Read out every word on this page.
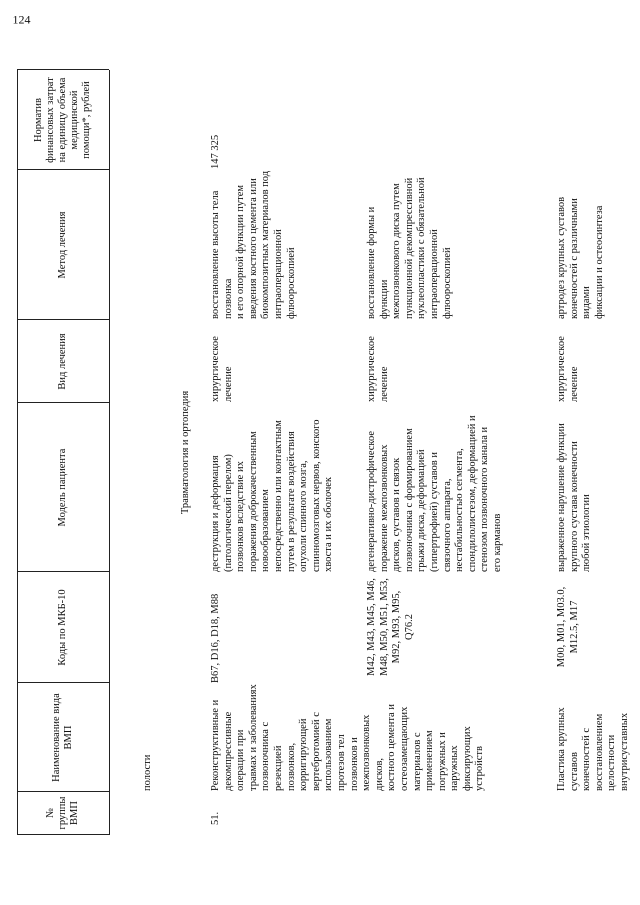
№
группы
ВМП
Наименование вида ВМП
Коды по МКБ-10
Модель пациента
Вид лечения
Метод лечения
Норматив
финансовых затрат
на единицу объема
медицинской
помощи*, рублей
124
полости
Травматология и ортопедия
51.
Реконструктивные и
декомпрессивные операции при
травмах и заболеваниях
позвоночника с резекцией
позвонков, корригирующей
вертебротомией с
использованием протезов тел
позвонков и
межпозвонковых дисков,
костного цемента и
остеозамещающих материалов с
применением погружных и
наружных фиксирующих
устройств
B67, D16, D18, M88
деструкция и деформация
(патологический перелом)
позвонков вследствие их
поражения доброкачественным
новообразованием
непосредственно или контактным
путем в результате воздействия
опухоли спинного мозга,
спинномозговых нервов, конского
хвоста и их оболочек
хирургическое
лечение
восстановление высоты тела позвонка
и его опорной функции путем
введения костного цемента или
биокомпозитных материалов под
интраоперационной флюороскопией
147 325
M42, M43, M45, M46,
M48, M50, M51, M53,
M92, M93, M95,
Q76.2
дегенеративно-дистрофическое
поражение межпозвонковых
дисков, суставов и связок
позвоночника с формированием
грыжи диска, деформацией
(гипертрофией) суставов и
связочного аппарата,
нестабильностью сегмента,
спондилолистезом, деформацией и
стенозом позвоночного канала и
его карманов
хирургическое
лечение
восстановление формы и функции
межпозвонкового диска путем
пункционной декомпрессивной
нуклеопластики с обязательной
интраоперационной флюороскопией
Пластика крупных суставов
конечностей с восстановлением
целостности внутрисуставных
M00, M01, M03.0,
M12.5, M17
выраженное нарушение функции
крупного сустава конечности
любой этиологии
хирургическое
лечение
артродез крупных суставов
конечностей с различными видами
фиксации и остеосинтеза
